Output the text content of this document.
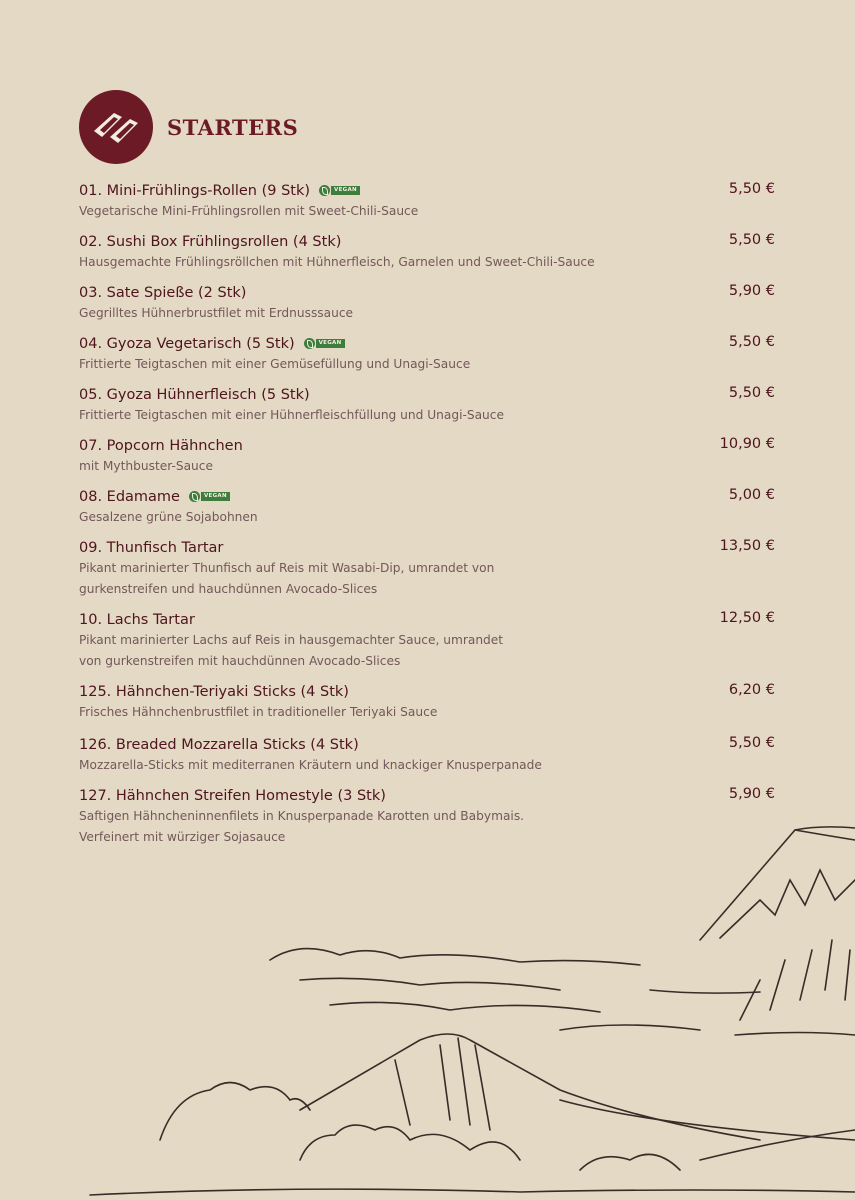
STARTERS
01. Mini-Frühlings-Rollen (9 Stk)	VEGAN	5,50 €
Vegetarische Mini-Frühlingsrollen mit Sweet-Chili-Sauce
02. Sushi Box Frühlingsrollen (4 Stk)	5,50 €
Hausgemachte Frühlingsröllchen mit Hühnerfleisch, Garnelen und Sweet-Chili-Sauce
03. Sate Spieße (2 Stk)	5,90 €
Gegrilltes Hühnerbrustfilet mit Erdnusssauce
04. Gyoza Vegetarisch (5 Stk)	VEGAN	5,50 €
Frittierte Teigtaschen mit einer Gemüsefüllung und Unagi-Sauce
05. Gyoza Hühnerfleisch (5 Stk)	5,50 €
Frittierte Teigtaschen mit einer Hühnerfleischfüllung und Unagi-Sauce
07. Popcorn Hähnchen	10,90 €
mit Mythbuster-Sauce
08. Edamame	VEGAN	5,00 €
Gesalzene grüne Sojabohnen
09. Thunfisch Tartar	13,50 €
Pikant marinierter Thunfisch auf Reis mit Wasabi-Dip, umrandet von
gurkenstreifen und hauchdünnen Avocado-Slices
10. Lachs Tartar	12,50 €
Pikant marinierter Lachs auf Reis in hausgemachter Sauce, umrandet
von gurkenstreifen mit hauchdünnen Avocado-Slices
125. Hähnchen-Teriyaki Sticks (4 Stk)	6,20 €
Frisches Hähnchenbrustfilet in traditioneller Teriyaki Sauce
126. Breaded Mozzarella Sticks (4 Stk)	5,50 €
Mozzarella-Sticks mit mediterranen Kräutern und knackiger Knusperpanade
127. Hähnchen Streifen Homestyle (3 Stk)	5,90 €
Saftigen Hähncheninnenfilets in Knusperpanade Karotten und Babymais.
Verfeinert mit würziger Sojasauce
